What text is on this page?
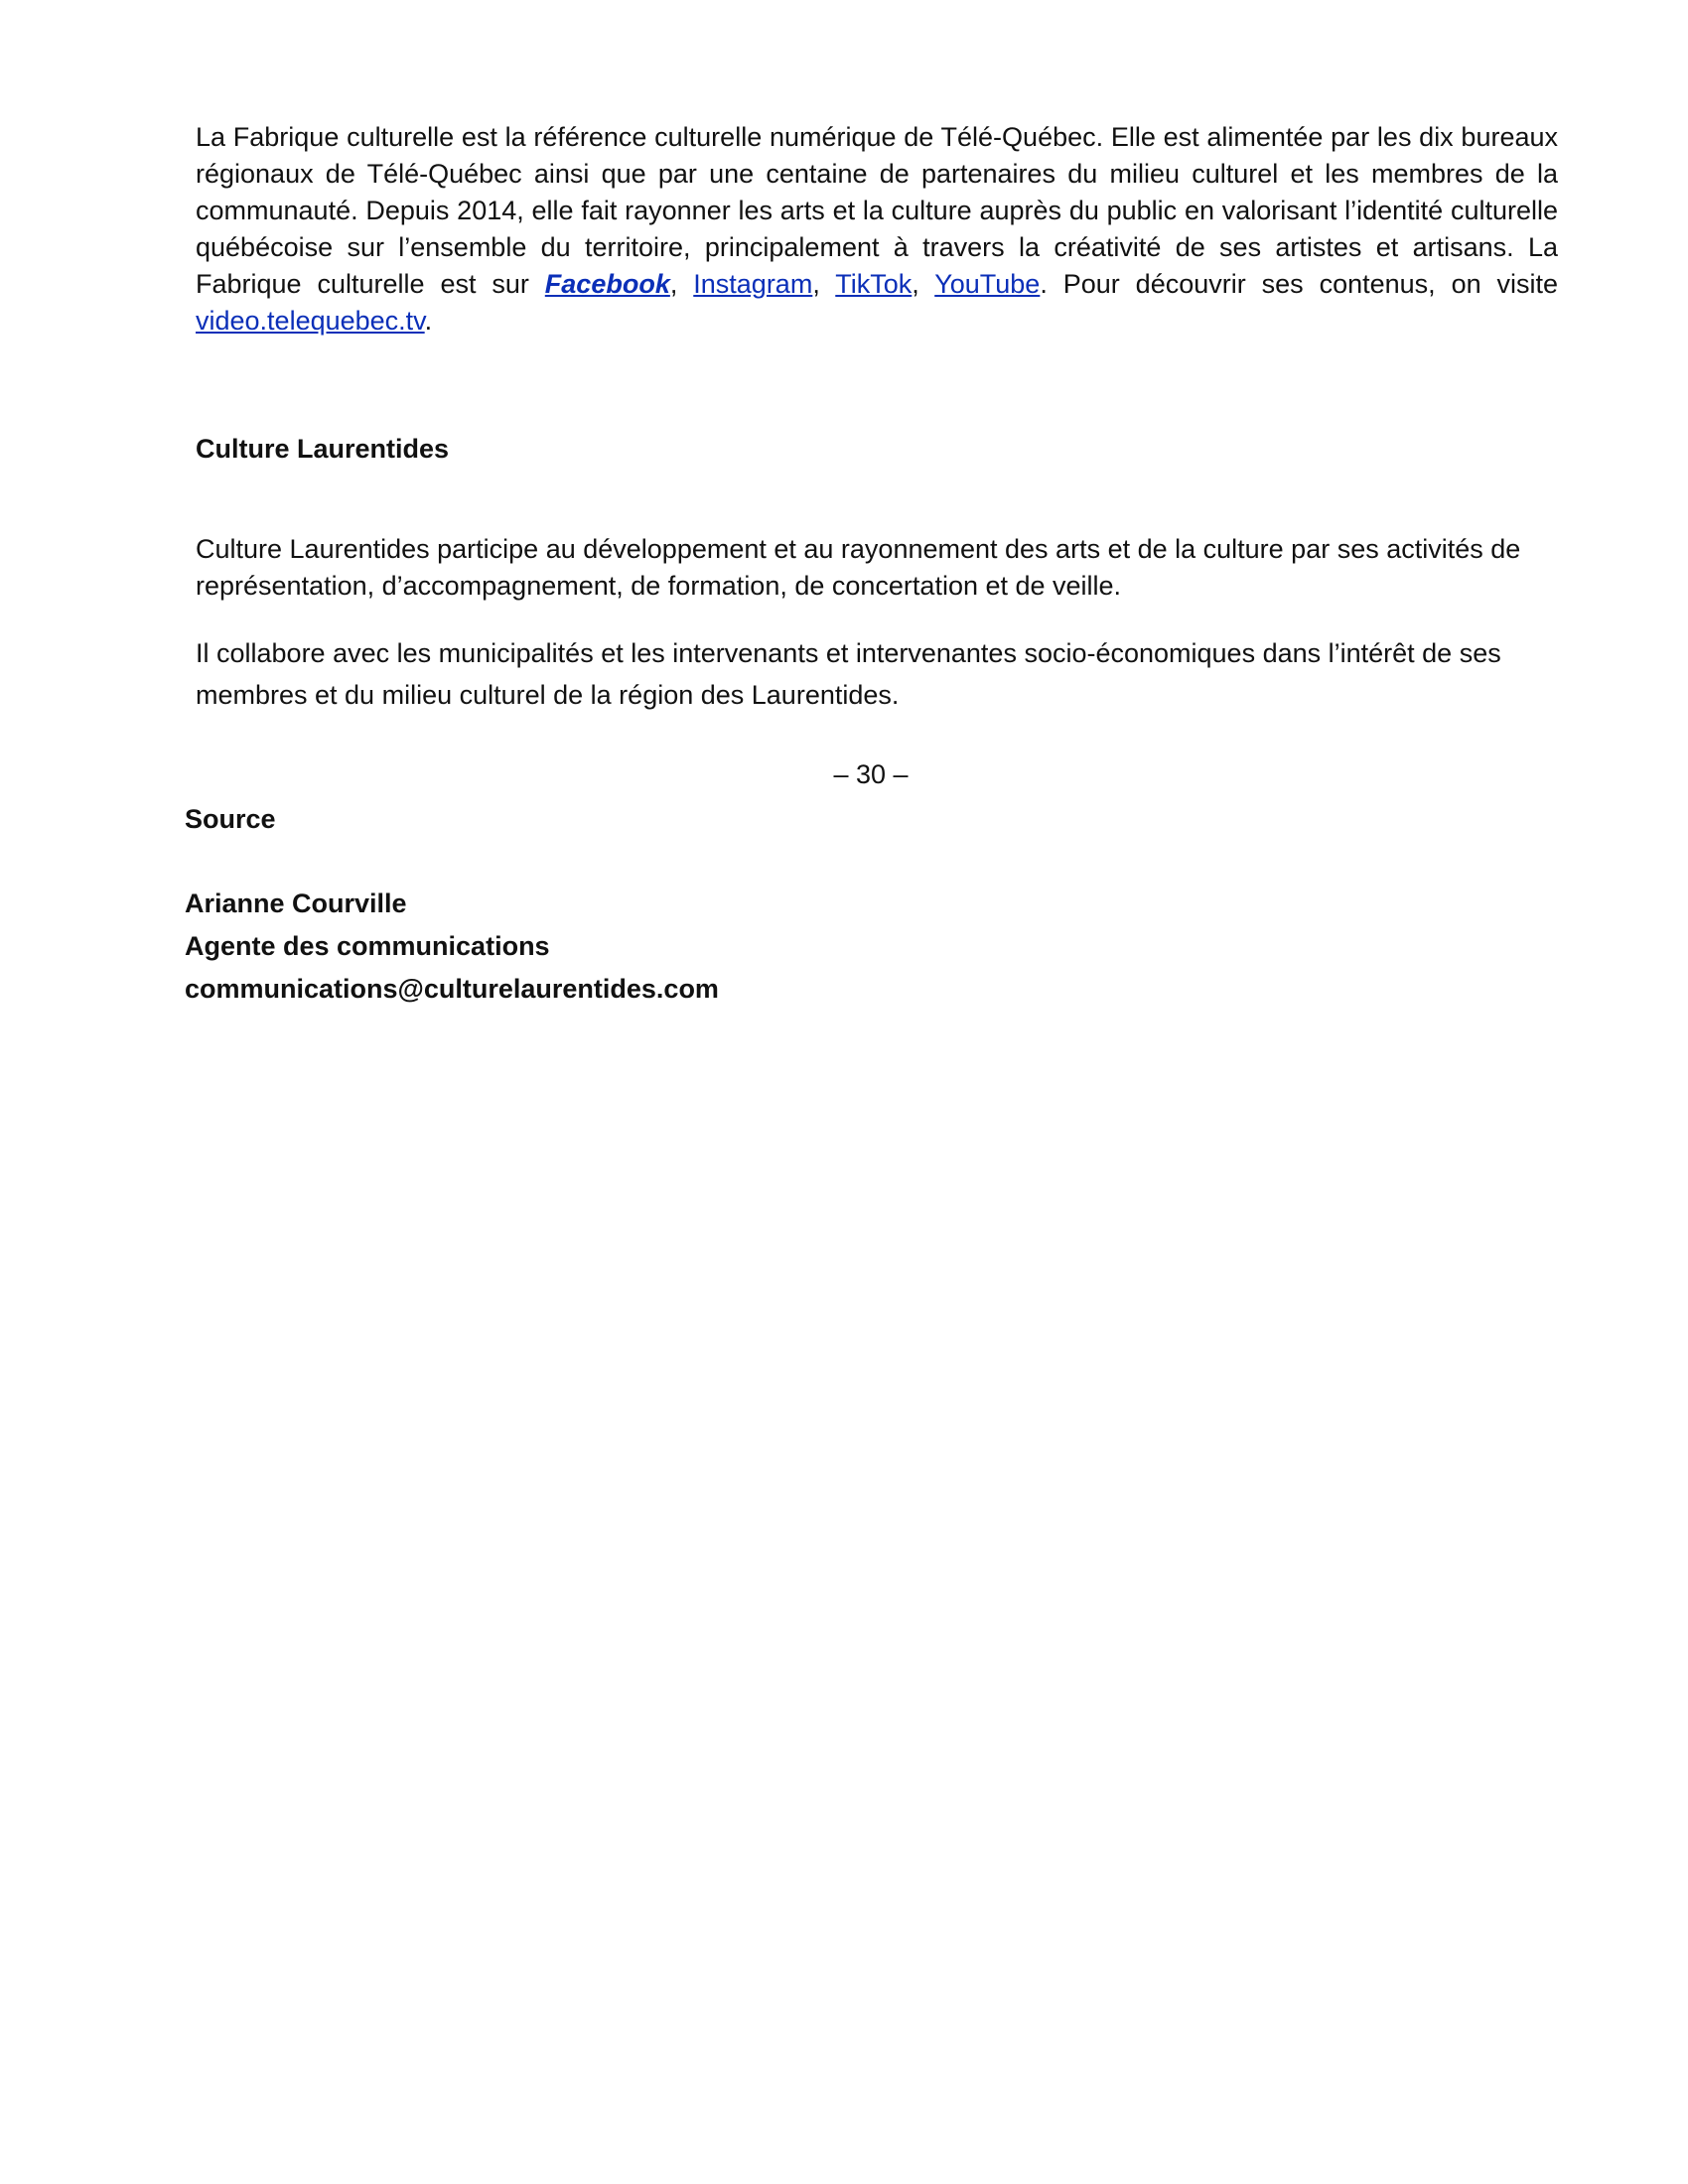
La Fabrique culturelle est la référence culturelle numérique de Télé-Québec. Elle est alimentée par les dix bureaux régionaux de Télé-Québec ainsi que par une centaine de partenaires du milieu culturel et les membres de la communauté. Depuis 2014, elle fait rayonner les arts et la culture auprès du public en valorisant l’identité culturelle québécoise sur l’ensemble du territoire, principalement à travers la créativité de ses artistes et artisans. La Fabrique culturelle est sur Facebook, Instagram, TikTok, YouTube. Pour découvrir ses contenus, on visite video.telequebec.tv.

Culture Laurentides

Culture Laurentides participe au développement et au rayonnement des arts et de la culture par ses activités de représentation, d’accompagnement, de formation, de concertation et de veille.

Il collabore avec les municipalités et les intervenants et intervenantes socio-économiques dans l’intérêt de ses membres et du milieu culturel de la région des Laurentides.

– 30 –
Source
Arianne Courville
Agente des communications
communications@culturelaurentides.com
